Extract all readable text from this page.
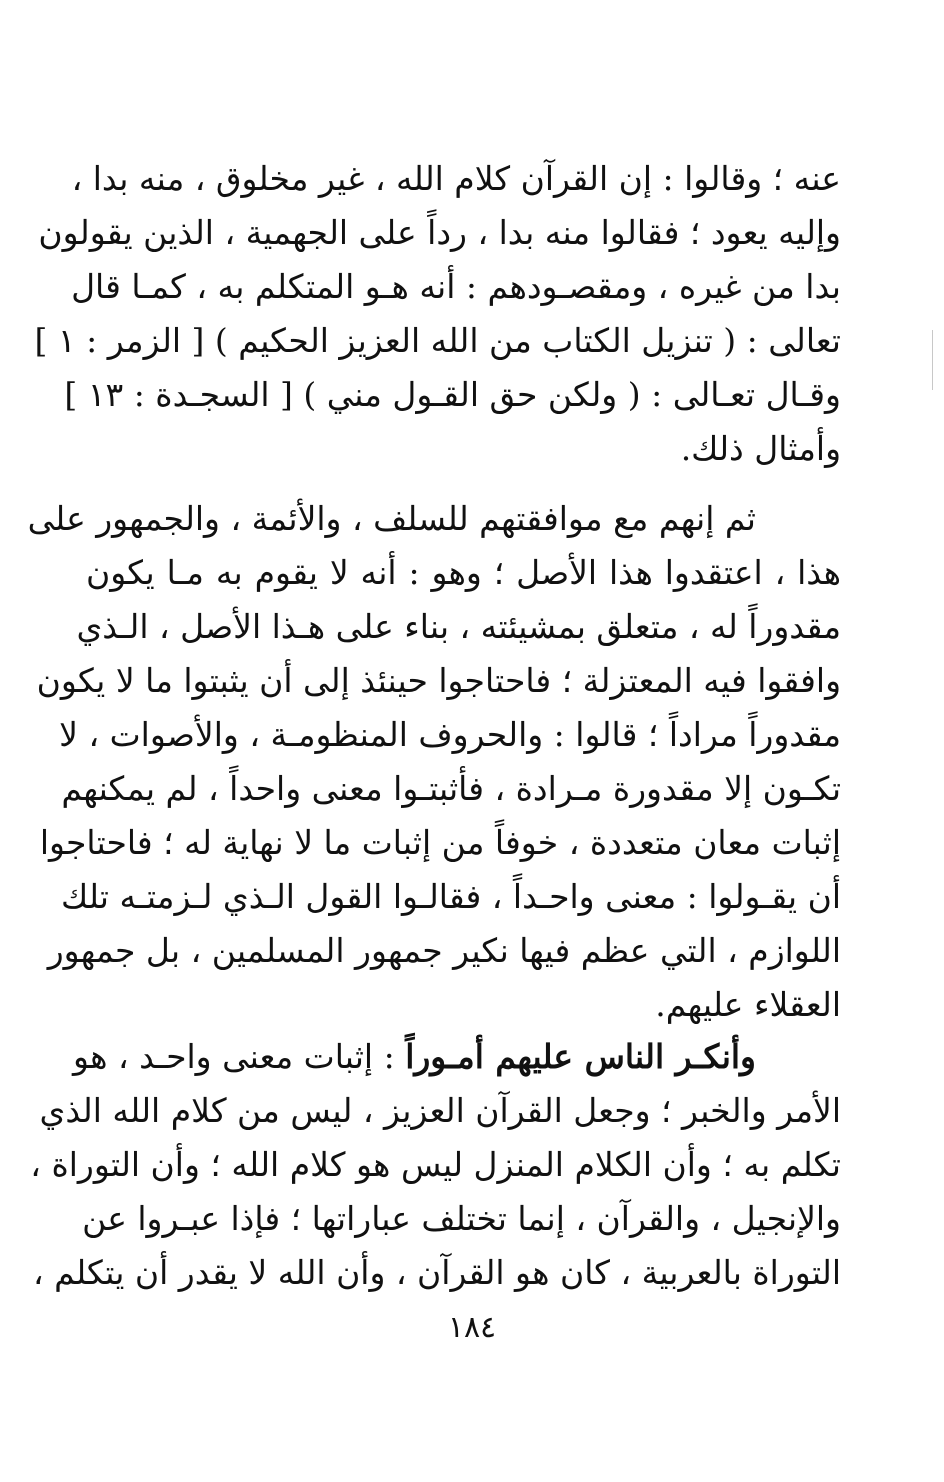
عنه ؛ وقالوا : إن القرآن كلام الله ، غير مخلوق ، منه بدا ،
وإليه يعود ؛ فقالوا منه بدا ، رداً على الجهمية ، الذين يقولون
بدا من غيره ، ومقصـودهم : أنه هـو المتكلم به ، كمـا قال
تعالى : ( تنزيل الكتاب من الله العزيز الحكيم ) [ الزمر : ١ ]
وقـال تعـالى : ( ولكن حق القـول مني ) [ السجـدة : ١٣ ]
وأمثال ذلك.
ثم إنهم مع موافقتهم للسلف ، والأئمة ، والجمهور على
هذا ، اعتقدوا هذا الأصل ؛ وهو : أنه لا يقوم به مـا يكون
مقدوراً له ، متعلق بمشيئته ، بناء على هـذا الأصل ، الـذي
وافقوا فيه المعتزلة ؛ فاحتاجوا حينئذ إلى أن يثبتوا ما لا يكون
مقدوراً مراداً ؛ قالوا : والحروف المنظومـة ، والأصوات ، لا
تكـون إلا مقدورة مـرادة ، فأثبتـوا معنى واحداً ، لم يمكنهم
إثبات معان متعددة ، خوفاً من إثبات ما لا نهاية له ؛ فاحتاجوا
أن يقـولوا : معنى واحـداً ، فقالـوا القول الـذي لـزمتـه تلك
اللوازم ، التي عظم فيها نكير جمهور المسلمين ، بل جمهور
العقلاء عليهم.
وأنكـر الناس عليهم أمـوراً : إثبات معنى واحـد ، هو
الأمر والخبر ؛ وجعل القرآن العزيز ، ليس من كلام الله الذي
تكلم به ؛ وأن الكلام المنزل ليس هو كلام الله ؛ وأن التوراة ،
والإنجيل ، والقرآن ، إنما تختلف عباراتها ؛ فإذا عبـروا عن
التوراة بالعربية ، كان هو القرآن ، وأن الله لا يقدر أن يتكلم ،
١٨٤
